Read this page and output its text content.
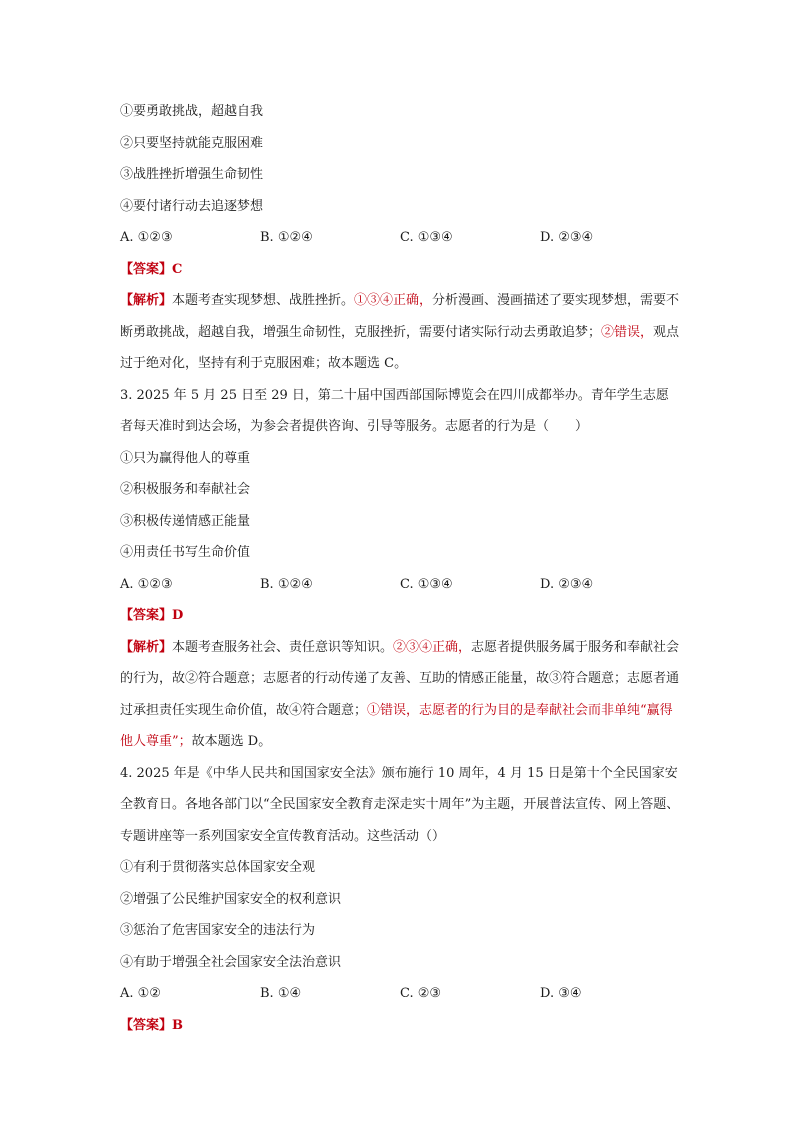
①要勇敢挑战，超越自我

②只要坚持就能克服困难

③战胜挫折增强生命韧性

④要付诸行动去追逐梦想

A. ①②③	B. ①②④	C. ①③④	D. ②③④

【答案】C

【解析】本题考查实现梦想、战胜挫折。①③④正确，分析漫画、漫画描述了要实现梦想，需要不断勇敢挑战，超越自我，增强生命韧性，克服挫折，需要付诸实际行动去勇敢追梦；②错误，观点过于绝对化，坚持有利于克服困难；故本题选 C。

3. 2025 年 5 月 25 日至 29 日，第二十届中国西部国际博览会在四川成都举办。青年学生志愿者每天准时到达会场，为参会者提供咨询、引导等服务。志愿者的行为是（　　）

①只为赢得他人的尊重

②积极服务和奉献社会

③积极传递情感正能量

④用责任书写生命价值

A. ①②③	B. ①②④	C. ①③④	D. ②③④

【答案】D

【解析】本题考查服务社会、责任意识等知识。②③④正确，志愿者提供服务属于服务和奉献社会的行为，故②符合题意；志愿者的行动传递了友善、互助的情感正能量，故③符合题意；志愿者通过承担责任实现生命价值，故④符合题意；①错误，志愿者的行为目的是奉献社会而非单纯“赢得他人尊重”；故本题选 D。

4. 2025 年是《中华人民共和国国家安全法》颁布施行 10 周年，4 月 15 日是第十个全民国家安全教育日。各地各部门以“全民国家安全教育走深走实十周年”为主题，开展普法宣传、网上答题、专题讲座等一系列国家安全宣传教育活动。这些活动（）

①有利于贯彻落实总体国家安全观

②增强了公民维护国家安全的权利意识

③惩治了危害国家安全的违法行为

④有助于增强全社会国家安全法治意识

A. ①②	B. ①④	C. ②③	D. ③④

【答案】B
